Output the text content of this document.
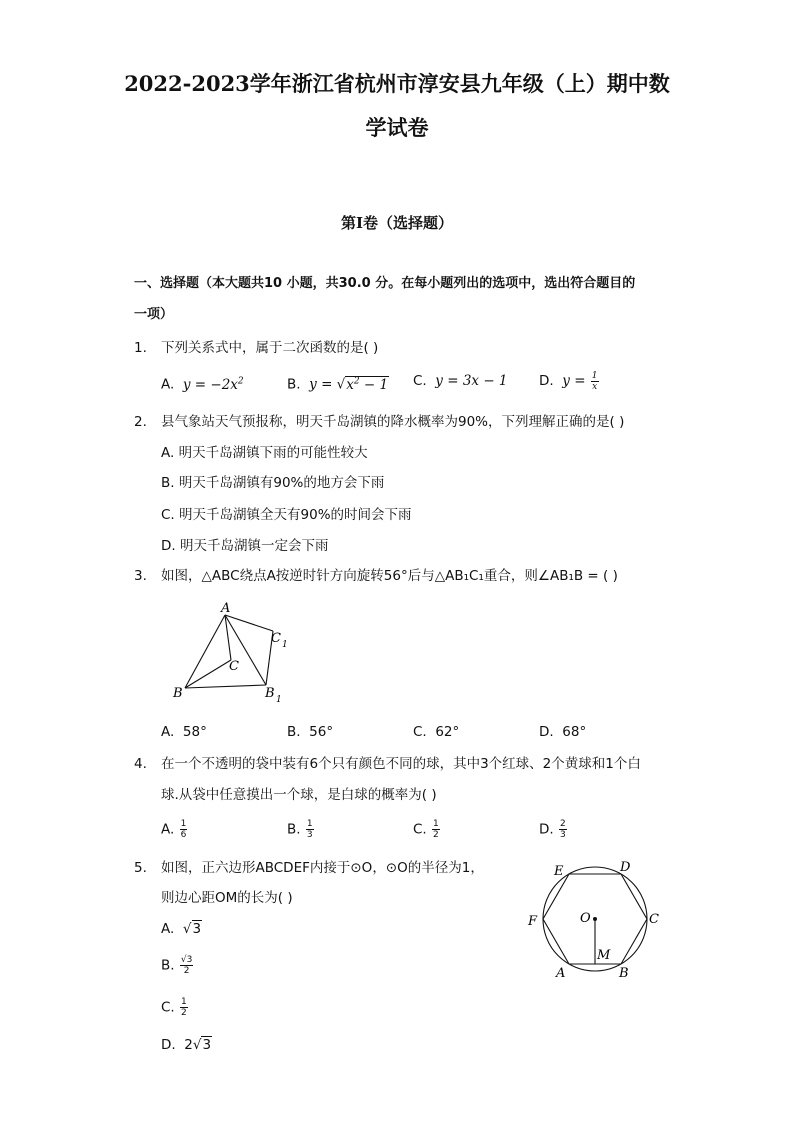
2022-2023学年浙江省杭州市淳安县九年级（上）期中数
学试卷
第I卷（选择题）
一、选择题（本大题共10 小题，共30.0 分。在每小题列出的选项中，选出符合题目的
一项）
1.	下列关系式中，属于二次函数的是( )
A.  $y = -2x^2$	B.  $y = √x^2 - 1$ C.  y = 3x − 1 D.  $y = \frac{1}{x}$
2.	县气象站天气预报称，明天千岛湖镇的降水概率为90%，下列理解正确的是( )
A. 明天千岛湖镇下雨的可能性较大
B. 明天千岛湖镇有90%的地方会下雨
C. 明天千岛湖镇全天有90%的时间会下雨
D. 明天千岛湖镇一定会下雨
3.	如图，△ABC绕点A按逆时针方向旋转56°后与△AB₁C₁重合，则∠AB₁B = ( )
A
B
C
C 1
B 1
A. 58°	B. 56°	C. 62°	D. 68°
4.	在一个不透明的袋中装有6个只有颜色不同的球，其中3个红球、2个黄球和1个白
球.从袋中任意摸出一个球，是白球的概率为( )
A. $\frac{1}{6}$	B. $\frac{1}{3}$	C. $\frac{1}{2}$	D. $\frac{2}{3}$
5.	如图，正六边形ABCDEF内接于⊙O，⊙O的半径为1，
则边心距OM的长为( )
D
E
C
F	O
M
A	B
A.  √3
B. $\frac{√3}{2}$
C. $\frac{1}{2}$
D.  2√3
